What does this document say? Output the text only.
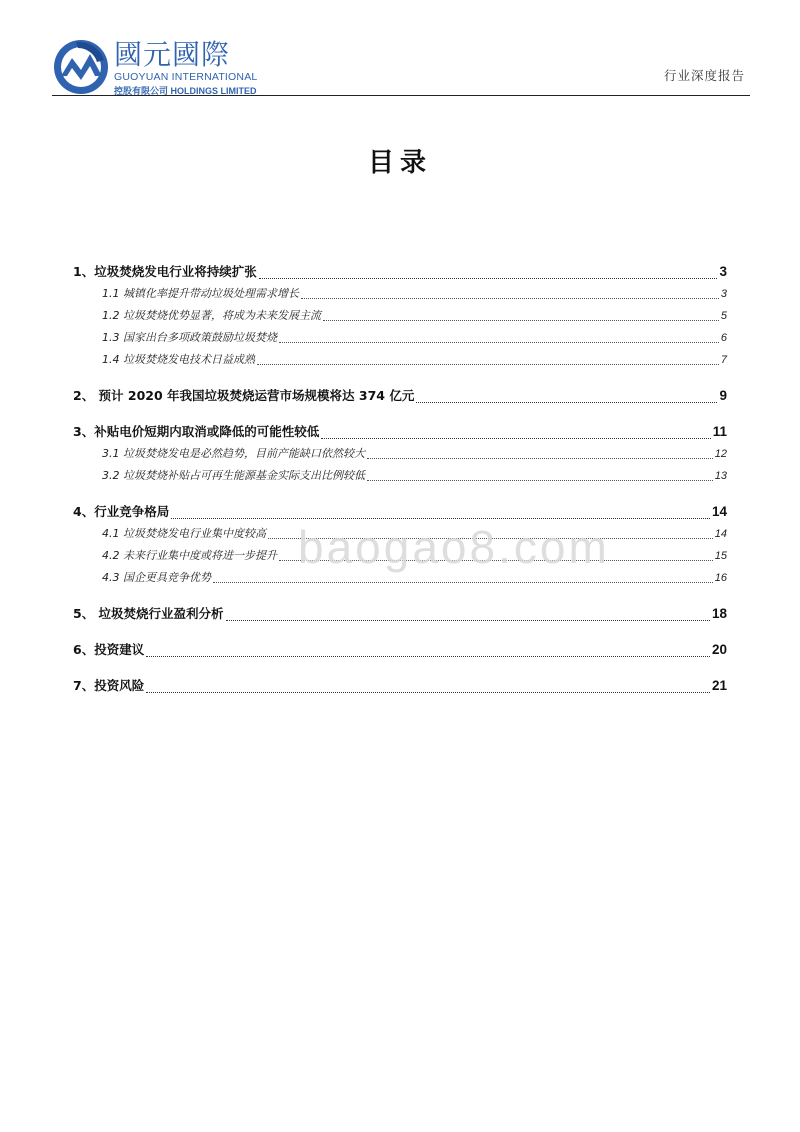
國元國際
GUOYUAN INTERNATIONAL
控股有限公司 HOLDINGS LIMITED
行业深度报告
目录
1、垃圾焚烧发电行业将持续扩张	3
1.1 城镇化率提升带动垃圾处理需求增长	3
1.2 垃圾焚烧优势显著，将成为未来发展主流	5
1.3 国家出台多项政策鼓励垃圾焚烧	6
1.4 垃圾焚烧发电技术日益成熟	7
2、 预计 2020 年我国垃圾焚烧运营市场规模将达 374 亿元	9
3、补贴电价短期内取消或降低的可能性较低	11
3.1 垃圾焚烧发电是必然趋势，目前产能缺口依然较大	12
3.2 垃圾焚烧补贴占可再生能源基金实际支出比例较低	13
4、行业竞争格局	14
4.1 垃圾焚烧发电行业集中度较高	14
4.2 未来行业集中度或将进一步提升	15
4.3 国企更具竞争优势	16
5、 垃圾焚烧行业盈利分析	18
6、投资建议	20
7、投资风险	21
baogao8.com
